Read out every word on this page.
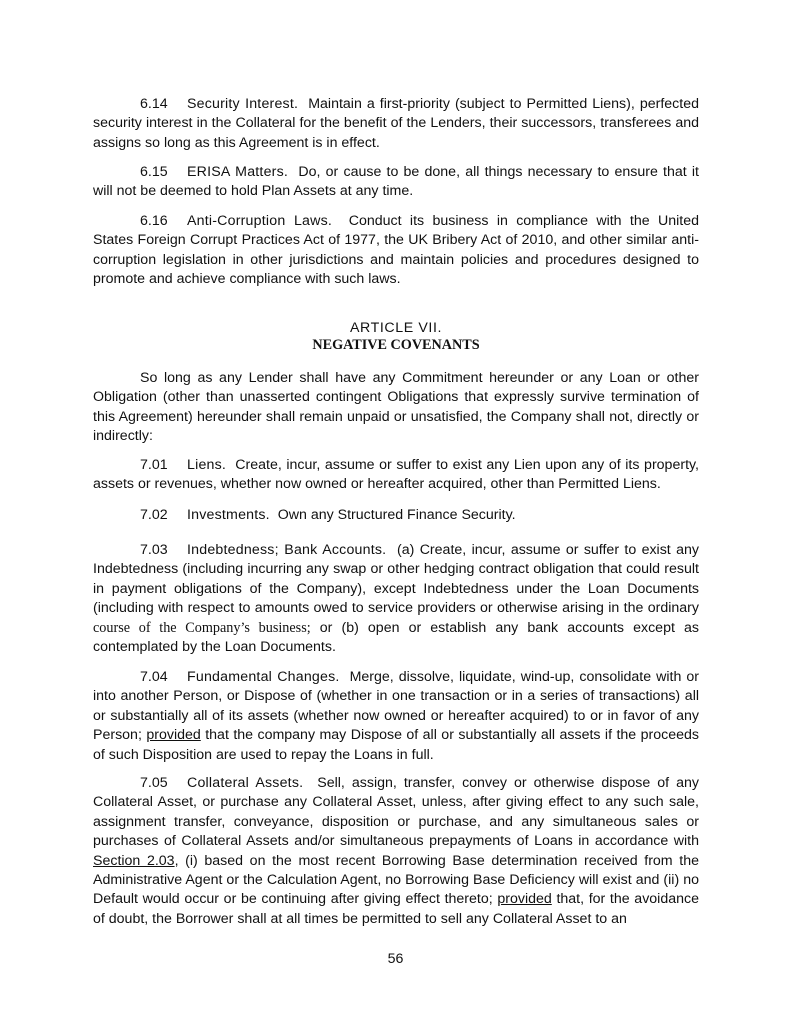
6.14 Security Interest. Maintain a first-priority (subject to Permitted Liens), perfected security interest in the Collateral for the benefit of the Lenders, their successors, transferees and assigns so long as this Agreement is in effect.

6.15 ERISA Matters. Do, or cause to be done, all things necessary to ensure that it will not be deemed to hold Plan Assets at any time.

6.16 Anti-Corruption Laws. Conduct its business in compliance with the United States Foreign Corrupt Practices Act of 1977, the UK Bribery Act of 2010, and other similar anti-corruption legislation in other jurisdictions and maintain policies and procedures designed to promote and achieve compliance with such laws.

ARTICLE VII.

NEGATIVE COVENANTS

So long as any Lender shall have any Commitment hereunder or any Loan or other Obligation (other than unasserted contingent Obligations that expressly survive termination of this Agreement) hereunder shall remain unpaid or unsatisfied, the Company shall not, directly or indirectly:

7.01 Liens. Create, incur, assume or suffer to exist any Lien upon any of its property, assets or revenues, whether now owned or hereafter acquired, other than Permitted Liens.

7.02 Investments. Own any Structured Finance Security.

7.03 Indebtedness; Bank Accounts. (a) Create, incur, assume or suffer to exist any Indebtedness (including incurring any swap or other hedging contract obligation that could result in payment obligations of the Company), except Indebtedness under the Loan Documents (including with respect to amounts owed to service providers or otherwise arising in the ordinary course of the Company’s business; or (b) open or establish any bank accounts except as contemplated by the Loan Documents.

7.04 Fundamental Changes. Merge, dissolve, liquidate, wind-up, consolidate with or into another Person, or Dispose of (whether in one transaction or in a series of transactions) all or substantially all of its assets (whether now owned or hereafter acquired) to or in favor of any Person; provided that the company may Dispose of all or substantially all assets if the proceeds of such Disposition are used to repay the Loans in full.

7.05 Collateral Assets. Sell, assign, transfer, convey or otherwise dispose of any Collateral Asset, or purchase any Collateral Asset, unless, after giving effect to any such sale, assignment transfer, conveyance, disposition or purchase, and any simultaneous sales or purchases of Collateral Assets and/or simultaneous prepayments of Loans in accordance with Section 2.03, (i) based on the most recent Borrowing Base determination received from the Administrative Agent or the Calculation Agent, no Borrowing Base Deficiency will exist and (ii) no Default would occur or be continuing after giving effect thereto; provided that, for the avoidance of doubt, the Borrower shall at all times be permitted to sell any Collateral Asset to an

56
